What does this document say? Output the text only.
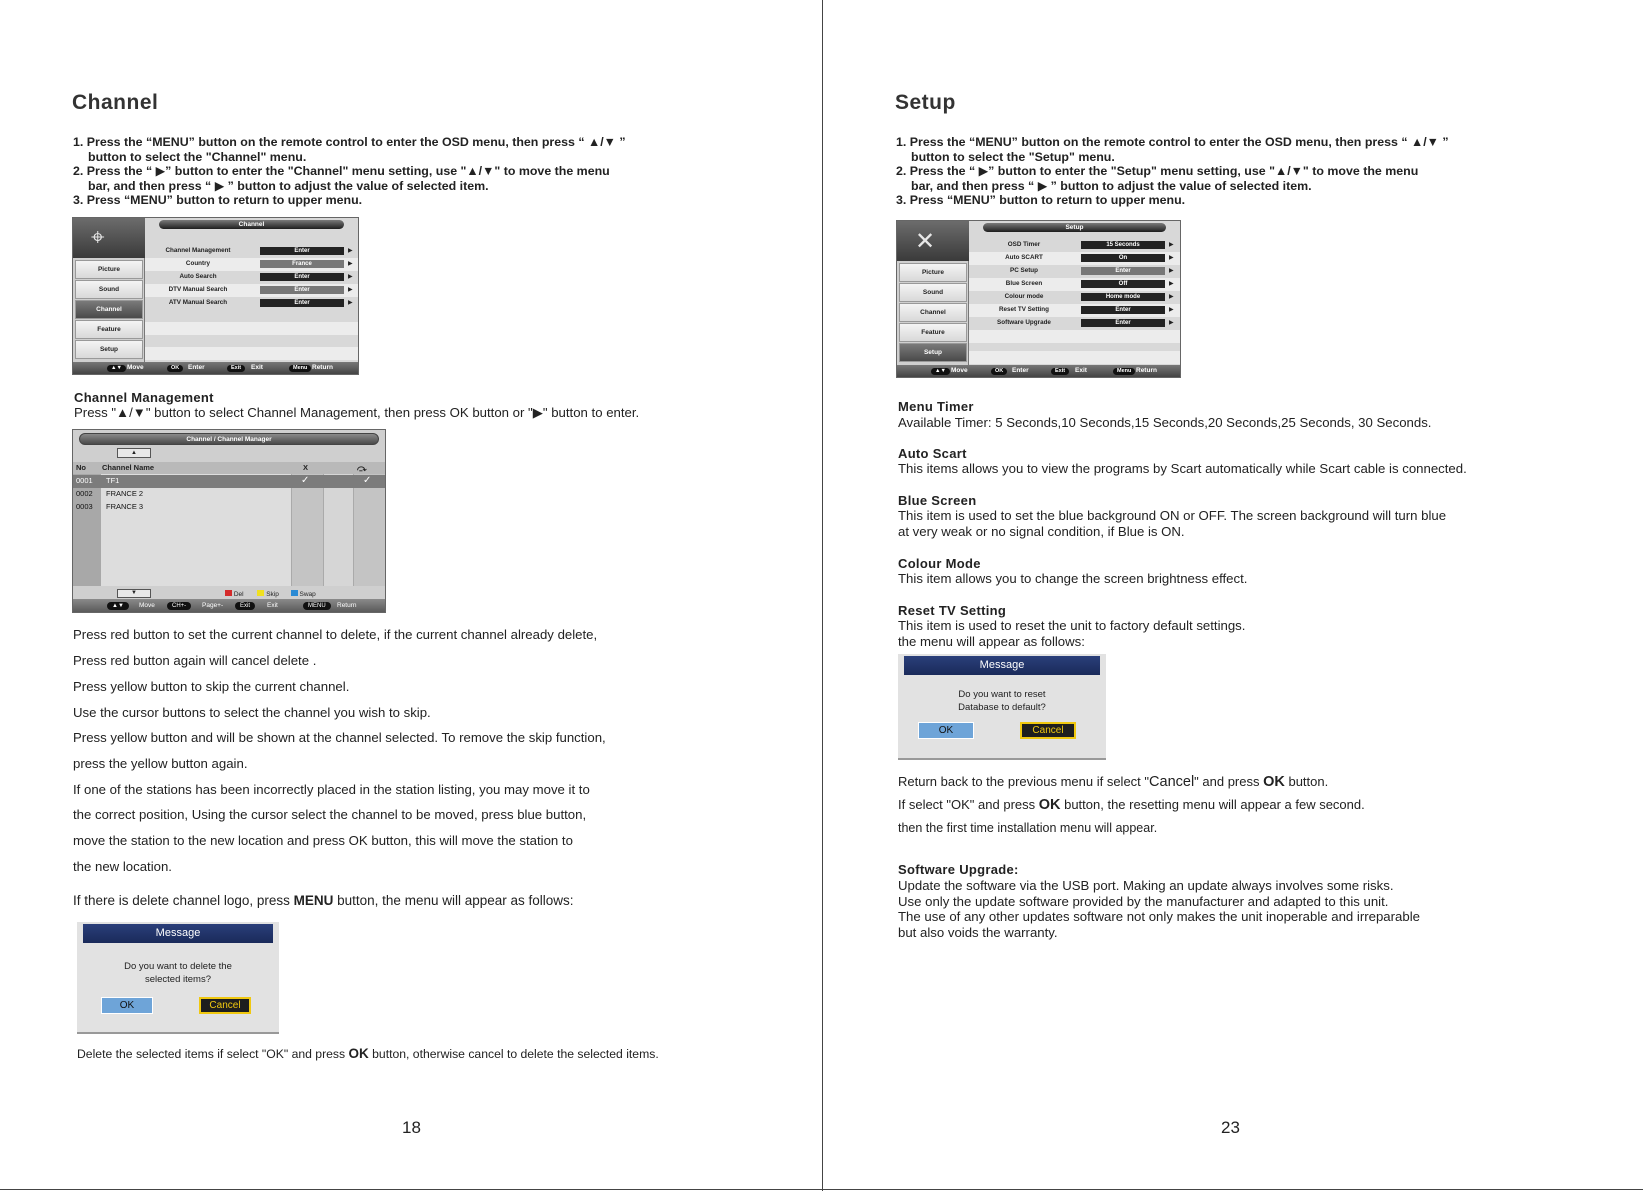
Channel
1. Press the “MENU” button on the remote control to enter the OSD menu, then press “ ▲/▼ ”
button to select the "Channel" menu.
2. Press the “ ▶” button to enter the "Channel" menu setting, use "▲/▼" to move the menu
bar, and then press “ ▶ ” button to adjust the value of selected item.
3. Press “MENU” button to return to upper menu.
⌖
Picture
Sound
Channel
Feature
Setup
Channel
Channel Management	Enter	▶
Country	France	▶
Auto Search	Enter	▶
DTV Manual Search	Enter	▶
ATV Manual Search	Enter	▶
▲▼ Move	OK	Enter	Exit	Exit	Menu Return
Channel Management
Press "▲/▼" button to select Channel Management, then press OK button or "▶" button to enter.
Channel / Channel Manager
▲
No Channel Name	X	⤼
0001 TF1	✓	✓
0002 FRANCE 2
0003 FRANCE 3
▼	Del	Skip	Swap
▲▼	Move	CH+-	Page+-	Exit	Exit	MENU	Return
Press red button to set the current channel to delete, if the current channel already delete,
Press red button again will cancel delete .
Press yellow button to skip the current channel.
Use the cursor buttons to select the channel you wish to skip.
Press yellow button and will be shown at the channel selected. To remove the skip function,
press the yellow button again.
If one of the stations has been incorrectly placed in the station listing, you may move it to
the correct position, Using the cursor select the channel to be moved, press blue button,
move the station to the new location and press OK button, this will move the station to
the new location.
If there is delete channel logo, press MENU button, the menu will appear as follows:
Message
Do you want to delete the
selected items?
OK	Cancel
Delete the selected items if select "OK" and press OK button, otherwise cancel to delete the selected items.
18
Setup
1. Press the “MENU” button on the remote control to enter the OSD menu, then press “ ▲/▼ ”
button to select the "Setup" menu.
2. Press the “ ▶” button to enter the "Setup" menu setting, use "▲/▼" to move the menu
bar, and then press “ ▶ ” button to adjust the value of selected item.
3. Press “MENU” button to return to upper menu.
✕
Picture
Sound
Channel
Feature
Setup
Setup
OSD Timer	15 Seconds	▶
Auto SCART	On	▶
PC Setup	Enter	▶
Blue Screen	Off	▶
Colour mode	Home mode	▶
Reset TV Setting	Enter	▶
Software Upgrade	Enter	▶
▲▼ Move	OK	Enter	Exit	Exit	Menu Return
Menu Timer
Available Timer: 5 Seconds,10 Seconds,15 Seconds,20 Seconds,25 Seconds, 30 Seconds.
Auto Scart
This items allows you to view the programs by Scart automatically while Scart cable is connected.
Blue Screen
This item is used to set the blue background ON or OFF. The screen background will turn blue
at very weak or no signal condition, if Blue is ON.
Colour Mode
This item allows you to change the screen brightness effect.
Reset TV Setting
This item is used to reset the unit to factory default settings.
the menu will appear as follows:
Message
Do you want to reset
Database to default?
OK	Cancel
Return back to the previous menu if select "Cancel" and press OK button.
If select "OK" and press OK button, the resetting menu will appear a few second.
then the first time installation menu will appear.
Software Upgrade:
Update the software via the USB port. Making an update always involves some risks.
Use only the update software provided by the manufacturer and adapted to this unit.
The use of any other updates software not only makes the unit inoperable and irreparable
but also voids the warranty.
23
